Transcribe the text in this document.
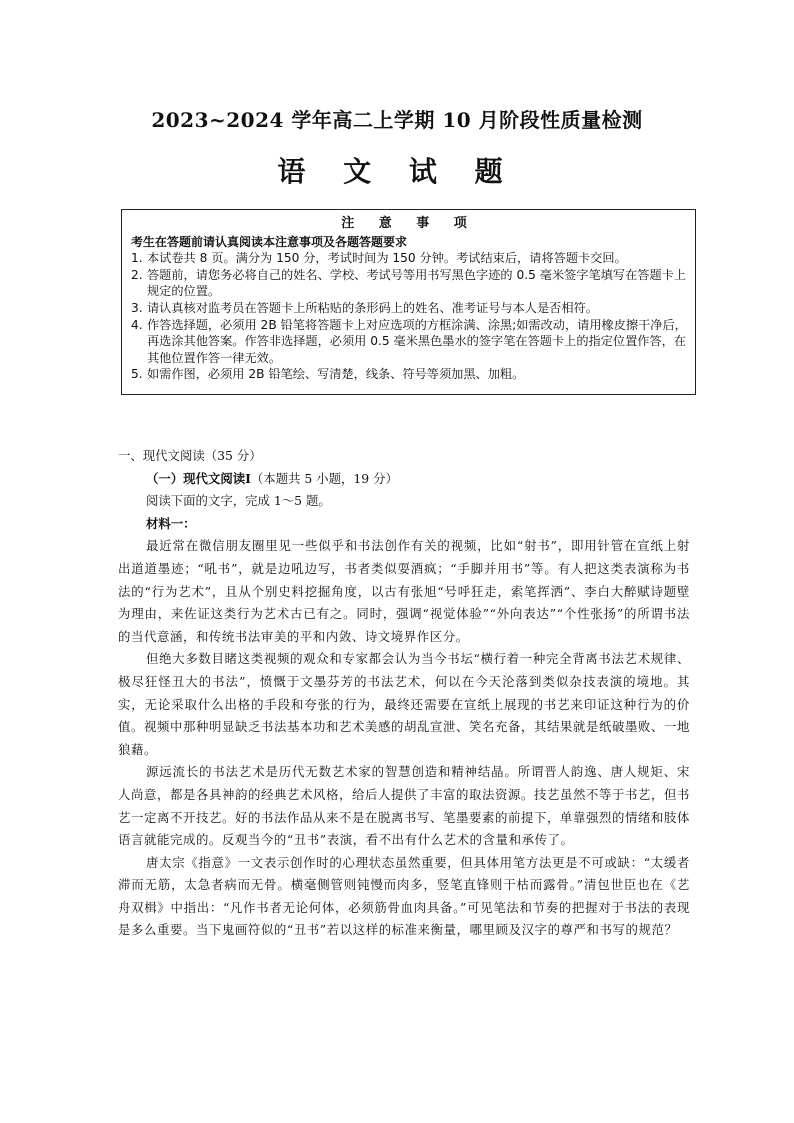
2023~2024 学年高二上学期 10 月阶段性质量检测
语 文 试 题
注 意 事 项
考生在答题前请认真阅读本注意事项及各题答题要求
1. 本试卷共 8 页。满分为 150 分，考试时间为 150 分钟。考试结束后，请将答题卡交回。
2. 答题前，请您务必将自己的姓名、学校、考试号等用书写黑色字迹的 0.5 毫米签字笔填写在答题卡上规定的位置。
3. 请认真核对监考员在答题卡上所粘贴的条形码上的姓名、准考证号与本人是否相符。
4. 作答选择题，必须用 2B 铅笔将答题卡上对应选项的方框涂满、涂黑;如需改动，请用橡皮擦干净后，再选涂其他答案。作答非选择题，必须用 0.5 毫米黑色墨水的签字笔在答题卡上的指定位置作答，在其他位置作答一律无效。
5. 如需作图，必须用 2B 铅笔绘、写清楚，线条、符号等须加黑、加粗。

一、现代文阅读（35 分）

（一）现代文阅读Ⅰ（本题共 5 小题，19 分）

阅读下面的文字，完成 1～5 题。

材料一：

最近常在微信朋友圈里见一些似乎和书法创作有关的视频，比如“射书”，即用针管在宣纸上射出道道墨迹；“吼书”，就是边吼边写，书者类似耍酒疯；“手脚并用书”等。有人把这类表演称为书法的“行为艺术”，且从个别史料挖掘角度，以古有张旭“号呼狂走，索笔挥洒”、李白大醉赋诗题壁为理由，来佐证这类行为艺术古已有之。同时，强调“视觉体验”“外向表达”“个性张扬”的所谓书法的当代意涵，和传统书法审美的平和内敛、诗文境界作区分。

但绝大多数目睹这类视频的观众和专家都会认为当今书坛“横行着一种完全背离书法艺术规律、极尽狂怪丑大的书法”，愤慨于文墨芬芳的书法艺术，何以在今天沦落到类似杂技表演的境地。其实，无论采取什么出格的手段和夸张的行为，最终还需要在宣纸上展现的书艺来印证这种行为的价值。视频中那种明显缺乏书法基本功和艺术美感的胡乱宣泄、笑名充备，其结果就是纸破墨败、一地狼藉。

源远流长的书法艺术是历代无数艺术家的智慧创造和精神结晶。所谓晋人韵逸、唐人规矩、宋人尚意，都是各具神韵的经典艺术风格，给后人提供了丰富的取法资源。技艺虽然不等于书艺，但书艺一定离不开技艺。好的书法作品从来不是在脱离书写、笔墨要素的前提下，单靠强烈的情绪和肢体语言就能完成的。反观当今的“丑书”表演，看不出有什么艺术的含量和承传了。

唐太宗《指意》一文表示创作时的心理状态虽然重要，但具体用笔方法更是不可或缺：“太缓者滞而无筋，太急者病而无骨。横毫侧管则钝慢而肉多，竖笔直锋则干枯而露骨。”清包世臣也在《艺舟双楫》中指出：“凡作书者无论何体，必须筋骨血肉具备。”可见笔法和节奏的把握对于书法的表现是多么重要。当下鬼画符似的“丑书”若以这样的标准来衡量，哪里顾及汉字的尊严和书写的规范？
